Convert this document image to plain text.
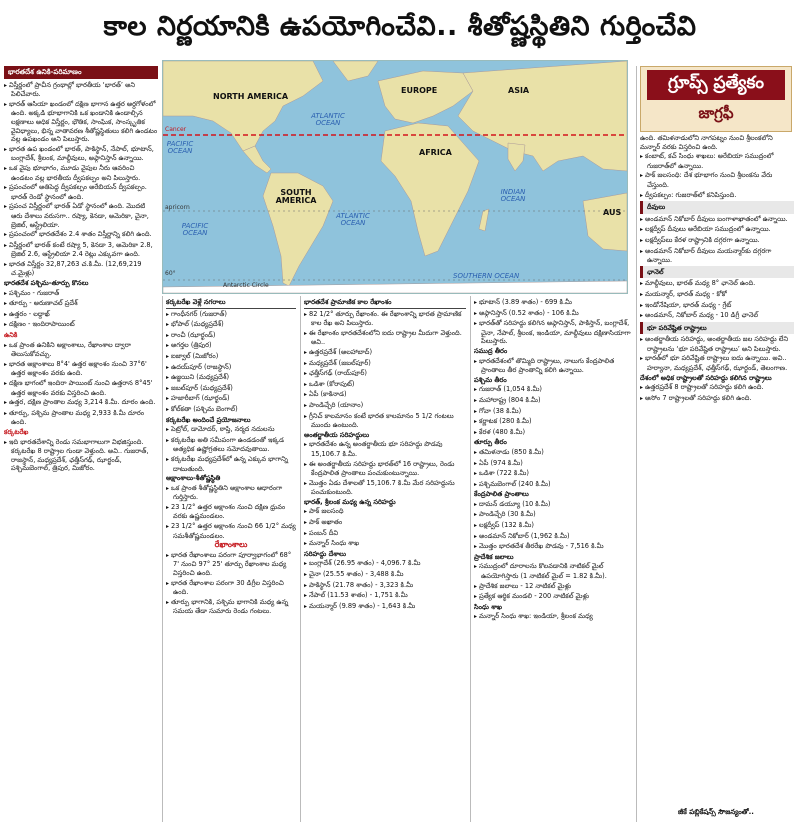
కాల నిర్ణయానికి ఉపయోగించేవి.. శీతోష్ణస్థితిని గుర్తించేవి
NORTH AMERICA
EUROPE	ASIA
AFRICA
SOUTH AMERICA
AUS
ATLANTIC OCEAN
PACIFIC OCEAN
INDIAN OCEAN
ATLANTIC OCEAN
PACIFIC OCEAN
SOUTHERN OCEAN
Cancer
apricorn
Antarctic Circle
60°
గ్రూప్స్ ప్రత్యేకం
జాగ్రఫీ
భారతదేశ ఉనికి-పరిమాణం

▸ విస్తీర్ణంలో ప్రాచీన గ్రంథాల్లో భారతీయ ‘భారత్’ అని పిలిచేవారు.

▸ భారత్ ఆసియా ఖండంలో దక్షిణ భాగాన ఉత్తర అర్ధగోళంలో ఉంది. అక్కడి భూభాగానికి ఒక ఖండానికి ఉండాల్సిన లక్షణాలు అధిక విస్తీర్ణం, భౌతిక, సాంఘిక, సాంస్కృతిక వైవిధ్యాలు, భిన్న వాతావరణ శీతోష్ణస్థితులు కలిగి ఉండటం వల్ల ఉపఖండం అని పిలుస్తారు.

▸ భారత ఉప ఖండంలో భారత్, పాకిస్థాన్, నేపాల్, భూటాన్, బంగ్లాదేశ్, శ్రీలంక, మాల్దీవులు, అఫ్గానిస్తాన్ ఉన్నాయి.

▸ ఒక వైపు భూభాగం, మూడు వైపుల నీరు ఆవరించి ఉండటం వల్ల భారతీయ ద్వీపకల్పం అని పిలుస్తారు.

▸ ప్రపంచంలో అతిపెద్ద ద్వీపకల్పం అరేబియన్ ద్వీపకల్పం. భారత్ రెండో స్థానంలో ఉంది.

▸ ప్రపంచ విస్తీర్ణంలో భారత్ ఏడో స్థానంలో ఉంది. మొదటి ఆరు దేశాలు వరుసగా.. రష్యా, కెనడా, అమెరికా, చైనా, బ్రెజిల్, ఆస్ట్రేలియా.

▸ ప్రపంచంలో భారతదేశం 2.4 శాతం విస్తీర్ణాన్ని కలిగి ఉంది.

▸ విస్తీర్ణంలో భారత్ కంటే రష్యా 5, కెనడా 3, అమెరికా 2.8, బ్రెజిల్ 2.6, ఆస్ట్రేలియా 2.4 రెట్లు ఎక్కువగా ఉంది.

▸ భారత విస్తీర్ణం 32,87,263 చ.కి.మీ. (12,69,219 చ.మైళ్లు)

భారతదేశ పశ్చిమ-తూర్పు కొనలు

▸ పశ్చిమం - గుజరాత్

▸ తూర్పు - అరుణాచల్ ప్రదేశ్

▸ ఉత్తరం - లద్దాఖ్

▸ దక్షిణం - ఇందిరాపాయింట్

ఉనికి

▸ ఒక ప్రాంత ఉనికిని అక్షాంశాలు, రేఖాంశాల ద్వారా తెలుసుకోవచ్చు.

▸ భారత అక్షాంశాలు 8°4' ఉత్తర అక్షాంశం నుంచి 37°6' ఉత్తర అక్షాంశం వరకు ఉంది.

▸ దక్షిణ భాగంలో ఇందిరా పాయింట్ నుంచి ఉత్తరాన 8°45' ఉత్తర అక్షాంశం వరకు విస్తరించి ఉంది.

▸ ఉత్తర, దక్షిణ ప్రాంతాల మధ్య 3,214 కి.మీ. దూరం ఉంది.

▸ తూర్పు, పశ్చిమ ప్రాంతాల మధ్య 2,933 కి.మీ దూరం ఉంది.

కర్కటరేఖ

▸ ఇది భారతదేశాన్ని రెండు సమభాగాలుగా విభజిస్తుంది. కర్కటరేఖ 8 రాష్ట్రాల గుండా వెళ్తుంది. అవి.. గుజరాత్, రాజస్థాన్, మధ్యప్రదేశ్, ఛత్తీస్‌గఢ్, ఝార్ఖండ్, పశ్చిమబెంగాల్, త్రిపుర, మిజోరం.

కర్కటరేఖ వెళ్లే నగరాలు

▸ గాంధీనగర్ (గుజరాత్)

▸ భోపాల్ (మధ్యప్రదేశ్)

▸ రాంచీ (ఝార్ఖండ్)

▸ అగర్తల (త్రిపుర)

▸ ఐజ్వాల్ (మిజోరం)

▸ ఉదయ్‌పూర్ (రాజస్థాన్)

▸ ఉజ్జయిని (మధ్యప్రదేశ్)

▸ జబల్‌పూర్ (మధ్యప్రదేశ్)

▸ హజారీబాగ్ (ఝార్ఖండ్)

▸ కోల్‌కతా (పశ్చిమ బెంగాల్)

కర్కటరేఖ అందించే ప్రయోజనాలు

▸ పెట్రోల్, డామోదర్, ఠాప్తి, నర్మద నదులను

▸ కర్కటరేఖ అతి సమీపంగా ఉండడంతో ఇక్కడ అత్యధిక ఉష్ణోగ్రతలు నమోదవుతాయి.

▸ కర్కటరేఖ మధ్యప్రదేశ్‌లో ఉన్న ఎక్కువ భాగాన్ని దాటుతుంది.

అక్షాంశాలు-శీతోష్ణస్థితి

▸ ఒక ప్రాంత శీతోష్ణస్థితిని అక్షాంశాల ఆధారంగా గుర్తిస్తారు.

▸ 23 1/2° ఉత్తర అక్షాంశం నుంచి దక్షిణ ధ్రువం వరకు ఉష్ణమండలం.

▸ 23 1/2° ఉత్తర అక్షాంశం నుంచి 66 1/2° మధ్య సమశీతోష్ణమండలం.

రేఖాంశాలు

▸ భారత రేఖాంశాలు పరంగా పూర్వాభాగంలో 68° 7' నుంచి 97° 25' తూర్పు రేఖాంశాల మధ్య విస్తరించి ఉంది.

▸ భారత రేఖాంశాల పరంగా 30 డిగ్రీల విస్తరించి ఉంది.

▸ తూర్పు భాగానికి, పశ్చిమ భాగానికి మధ్య ఉన్న సమయ తేడా సుమారు రెండు గంటలు.

భారతదేశ ప్రామాణిక కాల రేఖాంశం

▸ 82 1/2° తూర్పు రేఖాంశం. ఈ రేఖాంశాన్ని భారత ప్రామాణిక కాల రేఖ అని పిలుస్తారు.

▸ ఈ రేఖాంశం భారతదేశంలోని ఐదు రాష్ట్రాల మీదుగా వెళ్తుంది. అవి..

▸ ఉత్తరప్రదేశ్ (అలహాబాద్)

▸ మధ్యప్రదేశ్ (జబల్‌పూర్)

▸ ఛత్తీస్‌గఢ్ (రాయ్‌పూర్)

▸ ఒడిశా (కోరాపుట్)

▸ ఏపీ (కాకినాడ)

▸ పాండిచ్చేరి (యానాం)

▸ గ్రీనిచ్ కాలమానం కంటే భారత కాలమానం 5 1/2 గంటలు ముందు ఉంటుంది.

అంతర్జాతీయ సరిహద్దులు

▸ భారతదేశం ఉన్న అంతర్జాతీయ భూ సరిహద్దు పొడవు 15,106.7 కి.మీ.

▸ ఈ అంతర్జాతీయ సరిహద్దు భారత్‌లో 16 రాష్ట్రాలు, రెండు కేంద్రపాలిత ప్రాంతాలు పంచుకుంటున్నాయి.

▸ మొత్తం ఏడు దేశాలతో 15,106.7 కి.మీ మేర సరిహద్దును పంచుకుంటుంది.

భారత్, శ్రీలంక మధ్య ఉన్న సరిహద్దు

▸ పాక్ జలసంధి

▸ పాక్ అఖాతం

▸ పంబన్ దీవి

▸ మన్నార్ సింధు శాఖ

సరిహద్దు దేశాలు

▸ బంగ్లాదేశ్ (26.95 శాతం) - 4,096.7 కి.మీ

▸ చైనా (25.55 శాతం) - 3,488 కి.మీ

▸ పాకిస్థాన్ (21.78 శాతం) - 3,323 కి.మీ

▸ నేపాల్ (11.53 శాతం) - 1,751 కి.మీ

▸ మయన్మార్ (9.89 శాతం) - 1,643 కి.మీ

▸ భూటాన్ (3.89 శాతం) - 699 కి.మీ

▸ అఫ్గానిస్తాన్ (0.52 శాతం) - 106 కి.మీ

▸ భారత్‌తో సరిహద్దు కలిగిన అఫ్గానిస్తాన్, పాకిస్తాన్, బంగ్లాదేశ్, చైనా, నేపాల్, శ్రీలంక, ఇండియా, మాల్దీవులు దక్షిణాసియాగా పిలుస్తారు.

సముద్ర తీరం

▸ భారతదేశంలో తొమ్మిది రాష్ట్రాలు, నాలుగు కేంద్రపాలిత ప్రాంతాలు తీర ప్రాంతాన్ని కలిగి ఉన్నాయి.

పశ్చిమ తీరం

▸ గుజరాత్ (1,054 కి.మీ)

▸ మహారాష్ట్ర (804 కి.మీ)

▸ గోవా (38 కి.మీ)

▸ కర్ణాటక (280 కి.మీ)

▸ కేరళ (480 కి.మీ)

తూర్పు తీరం

▸ తమిళనాడు (850 కి.మీ)

▸ ఏపీ (974 కి.మీ)

▸ ఒడిశా (722 కి.మీ)

▸ పశ్చిమబెంగాల్ (240 కి.మీ)

కేంద్రపాలిత ప్రాంతాలు

▸ దామన్ డయ్యూ (10 కి.మీ)

▸ పాండిచ్చేరి (30 కి.మీ)

▸ లక్షద్వీప్ (132 కి.మీ)

▸ అండమాన్ నికోబార్ (1,962 కి.మీ)

▸ మొత్తం భారతదేశ తీరరేఖ పొడవు - 7,516 కి.మీ

ప్రాదేశిక జలాలు

▸ సముద్రంలో దూరాలను కొలవడానికి నాటికల్ మైల్ ఉపయోగిస్తారు (1 నాటికల్ మైల్ = 1.82 కి.మీ).

▸ ప్రాదేశిక జలాలు - 12 నాటికల్ మైళ్లు

▸ ప్రత్యేక ఆర్థిక మండలి - 200 నాటికల్ మైళ్లు

సింధు శాఖ

▸ మన్నార్ సింధు శాఖ: ఇండియా, శ్రీలంక మధ్య

ఉంది. తమిళనాడులోని నాగపట్నం నుంచి శ్రీలంకలోని మన్నార్ వరకు విస్తరించి ఉంది.

▸ కంబాట్, కచ్ సింధు శాఖలు: అరేబియా సముద్రంలో గుజరాత్‌లో ఉన్నాయి.

▸ పాక్ జలసంధి: దేశ భూభాగం నుంచి శ్రీలంకను వేరు చేస్తుంది.

▸ ద్వీపకల్పం: గుజరాత్‌లో కనిపిస్తుంది.

దీవులు

▸ అండమాన్ నికోబార్ దీవులు బంగాళాఖాతంలో ఉన్నాయి.

▸ లక్షద్వీప్ దీవులు అరేబియా సముద్రంలో ఉన్నాయి.

▸ లక్షద్వీప్‌లు కేరళ రాష్ట్రానికి దగ్గరగా ఉన్నాయి.

▸ అండమాన్ నికోబార్ దీవులు మయన్మార్‌కు దగ్గరగా ఉన్నాయి.

ఛానెల్

▸ మాల్దీవులు, భారత్ మధ్య 8° ఛానెల్ ఉంది.

▸ మయన్మార్, భారత్ మధ్య - కోకో

▸ ఇండోనేషియా, భారత్ మధ్య - గ్రేట్

▸ అండమాన్, నికోబార్ మధ్య - 10 డిగ్రీ ఛానెల్

భూ పరివేష్టిత రాష్ట్రాలు

▸ అంతర్జాతీయ సరిహద్దు, అంతర్జాతీయ జల సరిహద్దు లేని రాష్ట్రాలను ‘భూ పరివేష్టిత రాష్ట్రాలు’ అని పిలుస్తారు.

▸ భారత్‌లో భూ పరివేష్టిత రాష్ట్రాలు ఐదు ఉన్నాయి. అవి.. హర్యానా, మధ్యప్రదేశ్, ఛత్తీస్‌గఢ్, ఝార్ఖండ్, తెలంగాణ.

దేశంలో అధిక రాష్ట్రాలతో సరిహద్దు కలిగిన రాష్ట్రాలు

▸ ఉత్తరప్రదేశ్ 8 రాష్ట్రాలతో సరిహద్దు కలిగి ఉంది.

▸ అసోం 7 రాష్ట్రాలతో సరిహద్దు కలిగి ఉంది.

జీకే పబ్లికేషన్స్ సౌజన్యంతో..
